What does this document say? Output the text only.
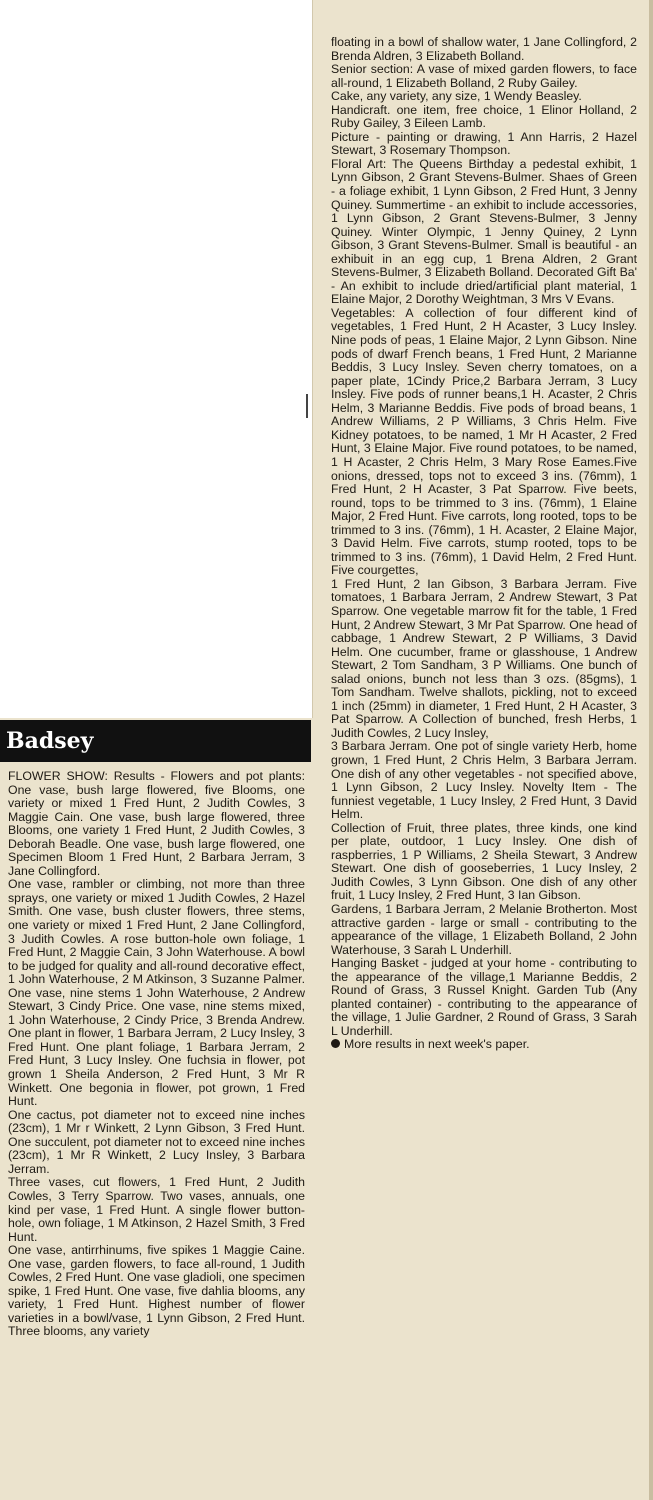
floating in a bowl of shallow water, 1 Jane Collingford, 2 Brenda Aldren, 3 Elizabeth Bolland.

Senior section: A vase of mixed garden flowers, to face all-round, 1 Elizabeth Bolland, 2 Ruby Gailey.

Cake, any variety, any size, 1 Wendy Beasley.

Handicraft. one item, free choice, 1 Elinor Holland, 2 Ruby Gailey, 3 Eileen Lamb.

Picture - painting or drawing, 1 Ann Harris, 2 Hazel Stewart, 3 Rosemary Thompson.

Floral Art: The Queens Birthday a pedestal exhibit, 1 Lynn Gibson, 2 Grant Stevens-Bulmer. Shaes of Green - a foliage exhibit, 1 Lynn Gibson, 2 Fred Hunt, 3 Jenny Quiney. Summertime - an exhibit to include accessories, 1 Lynn Gibson, 2 Grant Stevens-Bulmer, 3 Jenny Quiney. Winter Olympic, 1 Jenny Quiney, 2 Lynn Gibson, 3 Grant Stevens-Bulmer. Small is beautiful - an exhibuit in an egg cup, 1 Brena Aldren, 2 Grant Stevens-Bulmer, 3 Elizabeth Bolland. Decorated Gift Ba' - An exhibit to include dried/artificial plant material, 1 Elaine Major, 2 Dorothy Weightman, 3 Mrs V Evans.

Vegetables: A collection of four different kind of vegetables, 1 Fred Hunt, 2 H Acaster, 3 Lucy Insley. Nine pods of peas, 1 Elaine Major, 2 Lynn Gibson. Nine pods of dwarf French beans, 1 Fred Hunt, 2 Marianne Beddis, 3 Lucy Insley. Seven cherry tomatoes, on a paper plate, 1Cindy Price,2 Barbara Jerram, 3 Lucy Insley. Five pods of runner beans,1 H. Acaster, 2 Chris Helm, 3 Marianne Beddis. Five pods of broad beans, 1 Andrew Williams, 2 P Williams, 3 Chris Helm. Five Kidney potatoes, to be named, 1 Mr H Acaster, 2 Fred Hunt, 3 Elaine Major. Five round potatoes, to be named, 1 H Acaster, 2 Chris Helm, 3 Mary Rose Eames.Five onions, dressed, tops not to exceed 3 ins. (76mm), 1 Fred Hunt, 2 H Acaster, 3 Pat Sparrow. Five beets, round, tops to be trimmed to 3 ins. (76mm), 1 Elaine Major, 2 Fred Hunt. Five carrots, long rooted, tops to be trimmed to 3 ins. (76mm), 1 H. Acaster, 2 Elaine Major, 3 David Helm. Five carrots, stump rooted, tops to be trimmed to 3 ins. (76mm), 1 David Helm, 2 Fred Hunt. Five courgettes,

1 Fred Hunt, 2 Ian Gibson, 3 Barbara Jerram. Five tomatoes, 1 Barbara Jerram, 2 Andrew Stewart, 3 Pat Sparrow. One vegetable marrow fit for the table, 1 Fred Hunt, 2 Andrew Stewart, 3 Mr Pat Sparrow. One head of cabbage, 1 Andrew Stewart, 2 P Williams, 3 David Helm. One cucumber, frame or glasshouse, 1 Andrew Stewart, 2 Tom Sandham, 3 P Williams. One bunch of salad onions, bunch not less than 3 ozs. (85gms), 1 Tom Sandham. Twelve shallots, pickling, not to exceed 1 inch (25mm) in diameter, 1 Fred Hunt, 2 H Acaster, 3 Pat Sparrow. A Collection of bunched, fresh Herbs, 1 Judith Cowles, 2 Lucy Insley,

3 Barbara Jerram. One pot of single variety Herb, home grown, 1 Fred Hunt, 2 Chris Helm, 3 Barbara Jerram. One dish of any other vegetables - not specified above, 1 Lynn Gibson, 2 Lucy Insley. Novelty Item - The funniest vegetable, 1 Lucy Insley, 2 Fred Hunt, 3 David Helm.

Collection of Fruit, three plates, three kinds, one kind per plate, outdoor, 1 Lucy Insley. One dish of raspberries, 1 P Williams, 2 Sheila Stewart, 3 Andrew Stewart. One dish of gooseberries, 1 Lucy Insley, 2 Judith Cowles, 3 Lynn Gibson. One dish of any other fruit, 1 Lucy Insley, 2 Fred Hunt, 3 Ian Gibson.

Gardens, 1 Barbara Jerram, 2 Melanie Brotherton. Most attractive garden - large or small - contributing to the appearance of the village, 1 Elizabeth Bolland, 2 John Waterhouse, 3 Sarah L Underhill.

Hanging Basket - judged at your home - contributing to the appearance of the village,1 Marianne Beddis, 2 Round of Grass, 3 Russel Knight. Garden Tub (Any planted container) - contributing to the appearance of the village, 1 Julie Gardner, 2 Round of Grass, 3 Sarah L Underhill.

More results in next week's paper.

Badsey

FLOWER SHOW: Results - Flowers and pot plants: One vase, bush large flowered, five Blooms, one variety or mixed 1 Fred Hunt, 2 Judith Cowles, 3 Maggie Cain. One vase, bush large flowered, three Blooms, one variety 1 Fred Hunt, 2 Judith Cowles, 3 Deborah Beadle. One vase, bush large flowered, one Specimen Bloom 1 Fred Hunt, 2 Barbara Jerram, 3 Jane Collingford.

One vase, rambler or climbing, not more than three sprays, one variety or mixed 1 Judith Cowles, 2 Hazel Smith. One vase, bush cluster flowers, three stems, one variety or mixed 1 Fred Hunt, 2 Jane Collingford, 3 Judith Cowles. A rose button-hole own foliage, 1 Fred Hunt, 2 Maggie Cain, 3 John Waterhouse. A bowl to be judged for quality and all-round decorative effect, 1 John Waterhouse, 2 M Atkinson, 3 Suzanne Palmer. One vase, nine stems 1 John Waterhouse, 2 Andrew Stewart, 3 Cindy Price. One vase, nine stems mixed, 1 John Waterhouse, 2 Cindy Price, 3 Brenda Andrew. One plant in flower, 1 Barbara Jerram, 2 Lucy Insley, 3 Fred Hunt. One plant foliage, 1 Barbara Jerram, 2 Fred Hunt, 3 Lucy Insley. One fuchsia in flower, pot grown 1 Sheila Anderson, 2 Fred Hunt, 3 Mr R Winkett. One begonia in flower, pot grown, 1 Fred Hunt.

One cactus, pot diameter not to exceed nine inches (23cm), 1 Mr r Winkett, 2 Lynn Gibson, 3 Fred Hunt. One succulent, pot diameter not to exceed nine inches (23cm), 1 Mr R Winkett, 2 Lucy Insley, 3 Barbara Jerram.

Three vases, cut flowers, 1 Fred Hunt, 2 Judith Cowles, 3 Terry Sparrow. Two vases, annuals, one kind per vase, 1 Fred Hunt. A single flower button-hole, own foliage, 1 M Atkinson, 2 Hazel Smith, 3 Fred Hunt.

One vase, antirrhinums, five spikes 1 Maggie Caine. One vase, garden flowers, to face all-round, 1 Judith Cowles, 2 Fred Hunt. One vase gladioli, one specimen spike, 1 Fred Hunt. One vase, five dahlia blooms, any variety, 1 Fred Hunt. Highest number of flower varieties in a bowl/vase, 1 Lynn Gibson, 2 Fred Hunt. Three blooms, any variety
